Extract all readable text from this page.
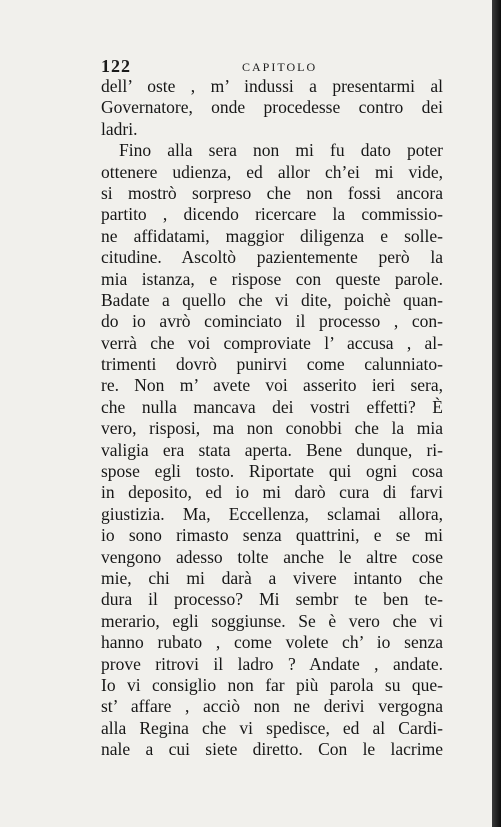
122	CAPITOLO
dell’ oste , m’ indussi a presentarmi al
Governatore, onde procedesse contro dei
ladri.
Fino alla sera non mi fu dato poter
ottenere udienza, ed allor ch’ei mi vide,
si mostrò sorpreso che non fossi ancora
partito , dicendo ricercare la commissio-
ne affidatami, maggior diligenza e solle-
citudine. Ascoltò pazientemente però la
mia istanza, e rispose con queste parole.
Badate a quello che vi dite, poichè quan-
do io avrò cominciato il processo , con-
verrà che voi comproviate l’ accusa , al-
trimenti dovrò punirvi come calunniato-
re. Non m’ avete voi asserito ieri sera,
che nulla mancava dei vostri effetti? È
vero, risposi, ma non conobbi che la mia
valigia era stata aperta. Bene dunque, ri-
spose egli tosto. Riportate qui ogni cosa
in deposito, ed io mi darò cura di farvi
giustizia. Ma, Eccellenza, sclamai allora,
io sono rimasto senza quattrini, e se mi
vengono adesso tolte anche le altre cose
mie, chi mi darà a vivere intanto che
dura il processo? Mi sembr te ben te-
merario, egli soggiunse. Se è vero che vi
hanno rubato , come volete ch’ io senza
prove ritrovi il ladro ? Andate , andate.
Io vi consiglio non far più parola su que-
st’ affare , acciò non ne derivi vergogna
alla Regina che vi spedisce, ed al Cardi-
nale a cui siete diretto. Con le lacrime
